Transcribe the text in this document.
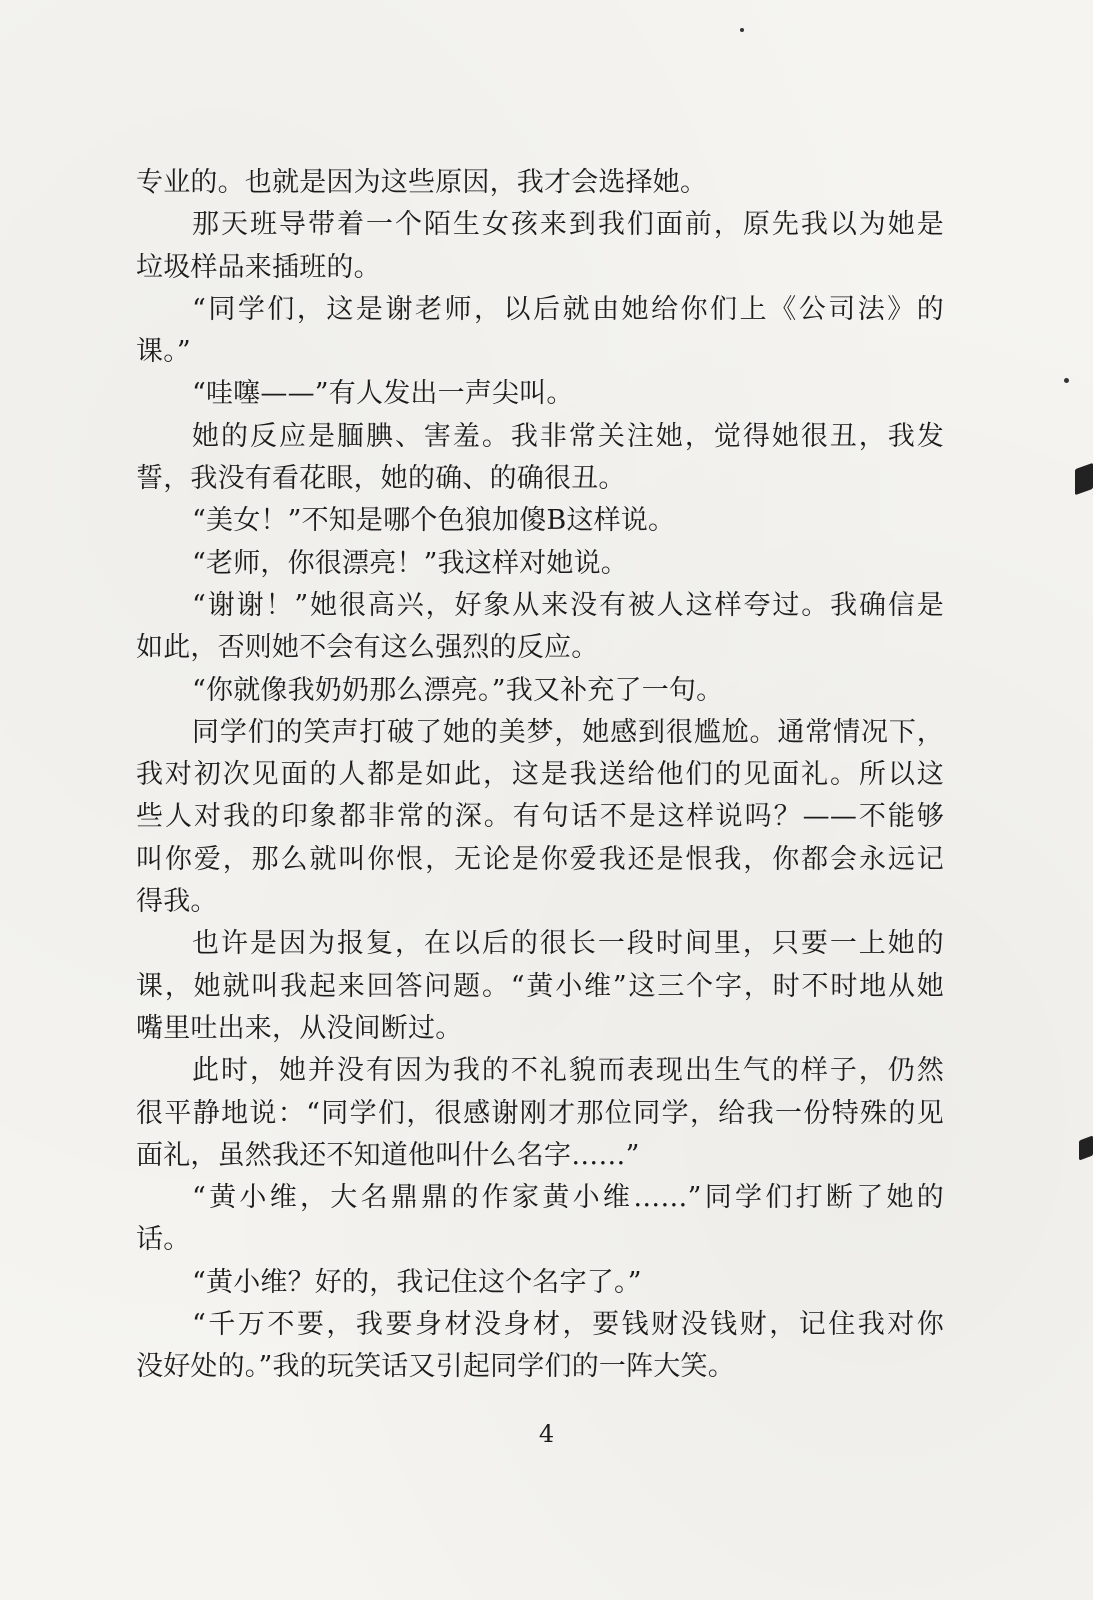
专业的。也就是因为这些原因，我才会选择她。
那天班导带着一个陌生女孩来到我们面前，原先我以为她是
垃圾样品来插班的。
“同学们，这是谢老师，以后就由她给你们上《公司法》的
课。”
“哇噻——”有人发出一声尖叫。
她的反应是腼腆、害羞。我非常关注她，觉得她很丑，我发
誓，我没有看花眼，她的确、的确很丑。
“美女！”不知是哪个色狼加傻B这样说。
“老师，你很漂亮！”我这样对她说。
“谢谢！”她很高兴，好象从来没有被人这样夸过。我确信是
如此，否则她不会有这么强烈的反应。
“你就像我奶奶那么漂亮。”我又补充了一句。
同学们的笑声打破了她的美梦，她感到很尴尬。通常情况下，
我对初次见面的人都是如此，这是我送给他们的见面礼。所以这
些人对我的印象都非常的深。有句话不是这样说吗？——不能够
叫你爱，那么就叫你恨，无论是你爱我还是恨我，你都会永远记
得我。
也许是因为报复，在以后的很长一段时间里，只要一上她的
课，她就叫我起来回答问题。“黄小维”这三个字，时不时地从她
嘴里吐出来，从没间断过。
此时，她并没有因为我的不礼貌而表现出生气的样子，仍然
很平静地说：“同学们，很感谢刚才那位同学，给我一份特殊的见
面礼，虽然我还不知道他叫什么名字……”
“黄小维，大名鼎鼎的作家黄小维……”同学们打断了她的
话。
“黄小维？好的，我记住这个名字了。”
“千万不要，我要身材没身材，要钱财没钱财，记住我对你
没好处的。”我的玩笑话又引起同学们的一阵大笑。
4
